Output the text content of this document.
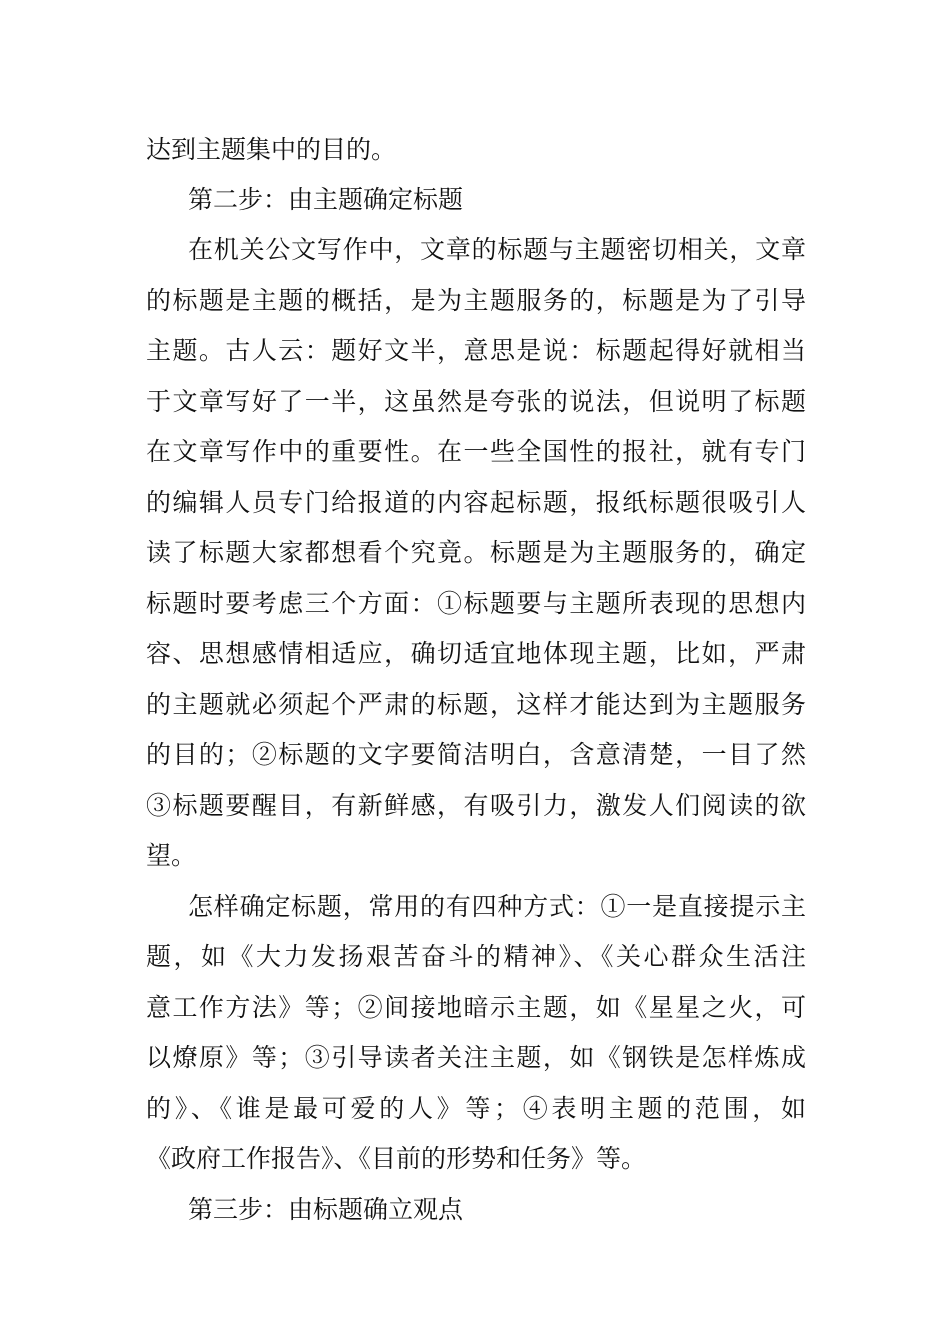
达到主题集中的目的。
第二步：由主题确定标题
在机关公文写作中，文章的标题与主题密切相关，文章
的标题是主题的概括，是为主题服务的，标题是为了引导
主题。古人云：题好文半，意思是说：标题起得好就相当
于文章写好了一半，这虽然是夸张的说法，但说明了标题
在文章写作中的重要性。在一些全国性的报社，就有专门
的编辑人员专门给报道的内容起标题，报纸标题很吸引人
读了标题大家都想看个究竟。标题是为主题服务的，确定
标题时要考虑三个方面：①标题要与主题所表现的思想内
容、思想感情相适应，确切适宜地体现主题，比如，严肃
的主题就必须起个严肃的标题，这样才能达到为主题服务
的目的；②标题的文字要简洁明白，含意清楚，一目了然
③标题要醒目，有新鲜感，有吸引力，激发人们阅读的欲
望。
怎样确定标题，常用的有四种方式：①一是直接提示主
题，如《大力发扬艰苦奋斗的精神》、《关心群众生活注
意工作方法》等；②间接地暗示主题，如《星星之火，可
以燎原》等；③引导读者关注主题，如《钢铁是怎样炼成
的》、《谁是最可爱的人》等；④表明主题的范围，如
《政府工作报告》、《目前的形势和任务》等。
第三步：由标题确立观点
